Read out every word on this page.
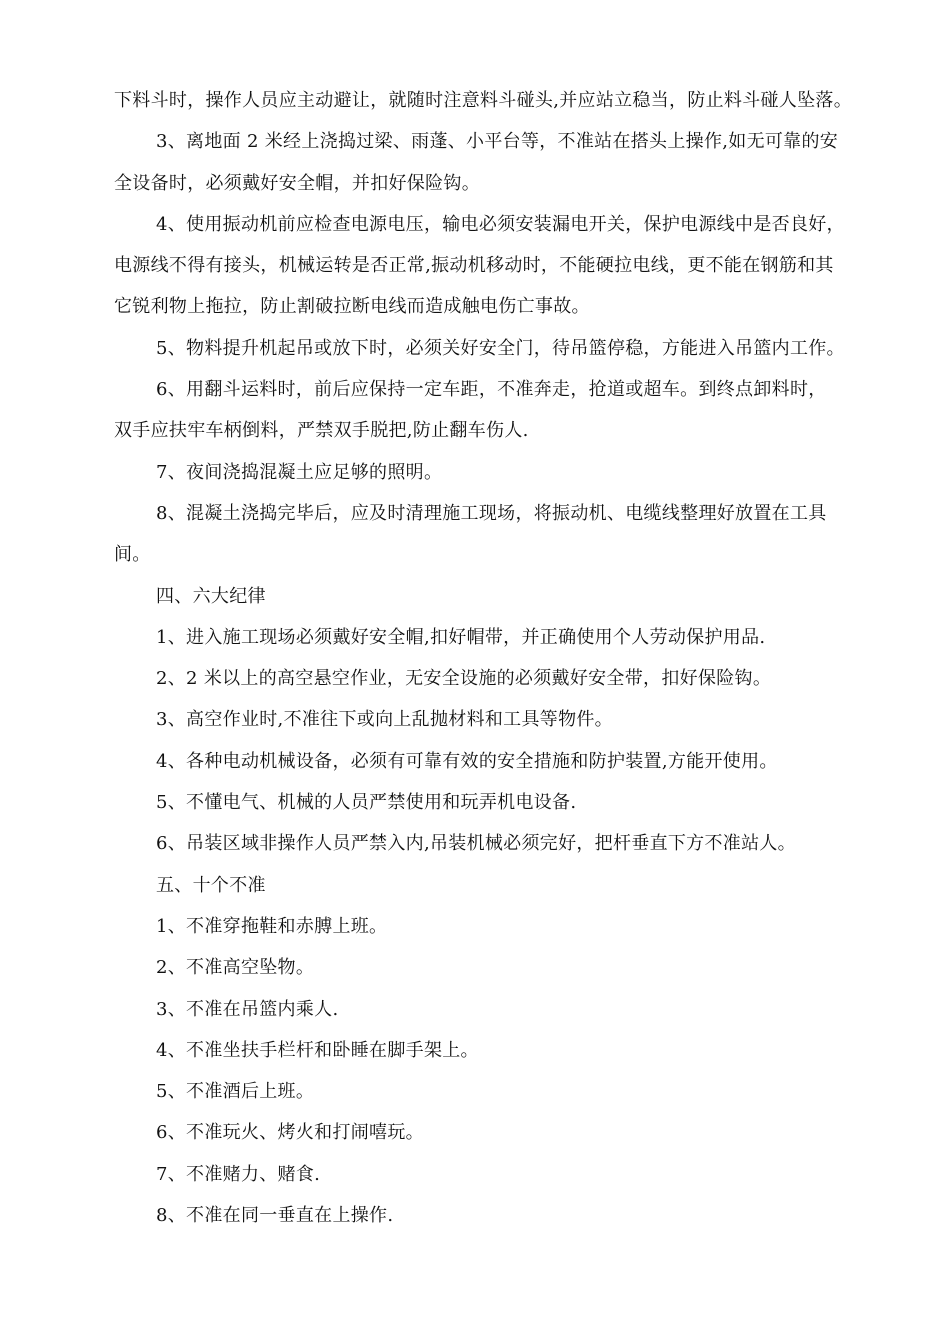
下料斗时，操作人员应主动避让，就随时注意料斗碰头,并应站立稳当，防止料斗碰人坠落。
3、离地面 2 米经上浇捣过梁、雨蓬、小平台等，不准站在搭头上操作,如无可靠的安
全设备时，必须戴好安全帽，并扣好保险钩。
4、使用振动机前应检查电源电压，输电必须安装漏电开关，保护电源线中是否良好，
电源线不得有接头，机械运转是否正常,振动机移动时，不能硬拉电线，更不能在钢筋和其
它锐利物上拖拉，防止割破拉断电线而造成触电伤亡事故。
5、物料提升机起吊或放下时，必须关好安全门，待吊篮停稳，方能进入吊篮内工作。
6、用翻斗运料时，前后应保持一定车距，不准奔走，抢道或超车。到终点卸料时，
双手应扶牢车柄倒料，严禁双手脱把,防止翻车伤人.
7、夜间浇捣混凝土应足够的照明。
8、混凝土浇捣完毕后，应及时清理施工现场，将振动机、电缆线整理好放置在工具
间。
四、六大纪律
1、进入施工现场必须戴好安全帽,扣好帽带，并正确使用个人劳动保护用品.
2、2 米以上的高空悬空作业，无安全设施的必须戴好安全带，扣好保险钩。
3、高空作业时,不准往下或向上乱抛材料和工具等物件。
4、各种电动机械设备，必须有可靠有效的安全措施和防护装置,方能开使用。
5、不懂电气、机械的人员严禁使用和玩弄机电设备.
6、吊装区域非操作人员严禁入内,吊装机械必须完好，把杆垂直下方不准站人。
五、十个不准
1、不准穿拖鞋和赤膊上班。
2、不准高空坠物。
3、不准在吊篮内乘人.
4、不准坐扶手栏杆和卧睡在脚手架上。
5、不准酒后上班。
6、不准玩火、烤火和打闹嘻玩。
7、不准赌力、赌食.
8、不准在同一垂直在上操作.
